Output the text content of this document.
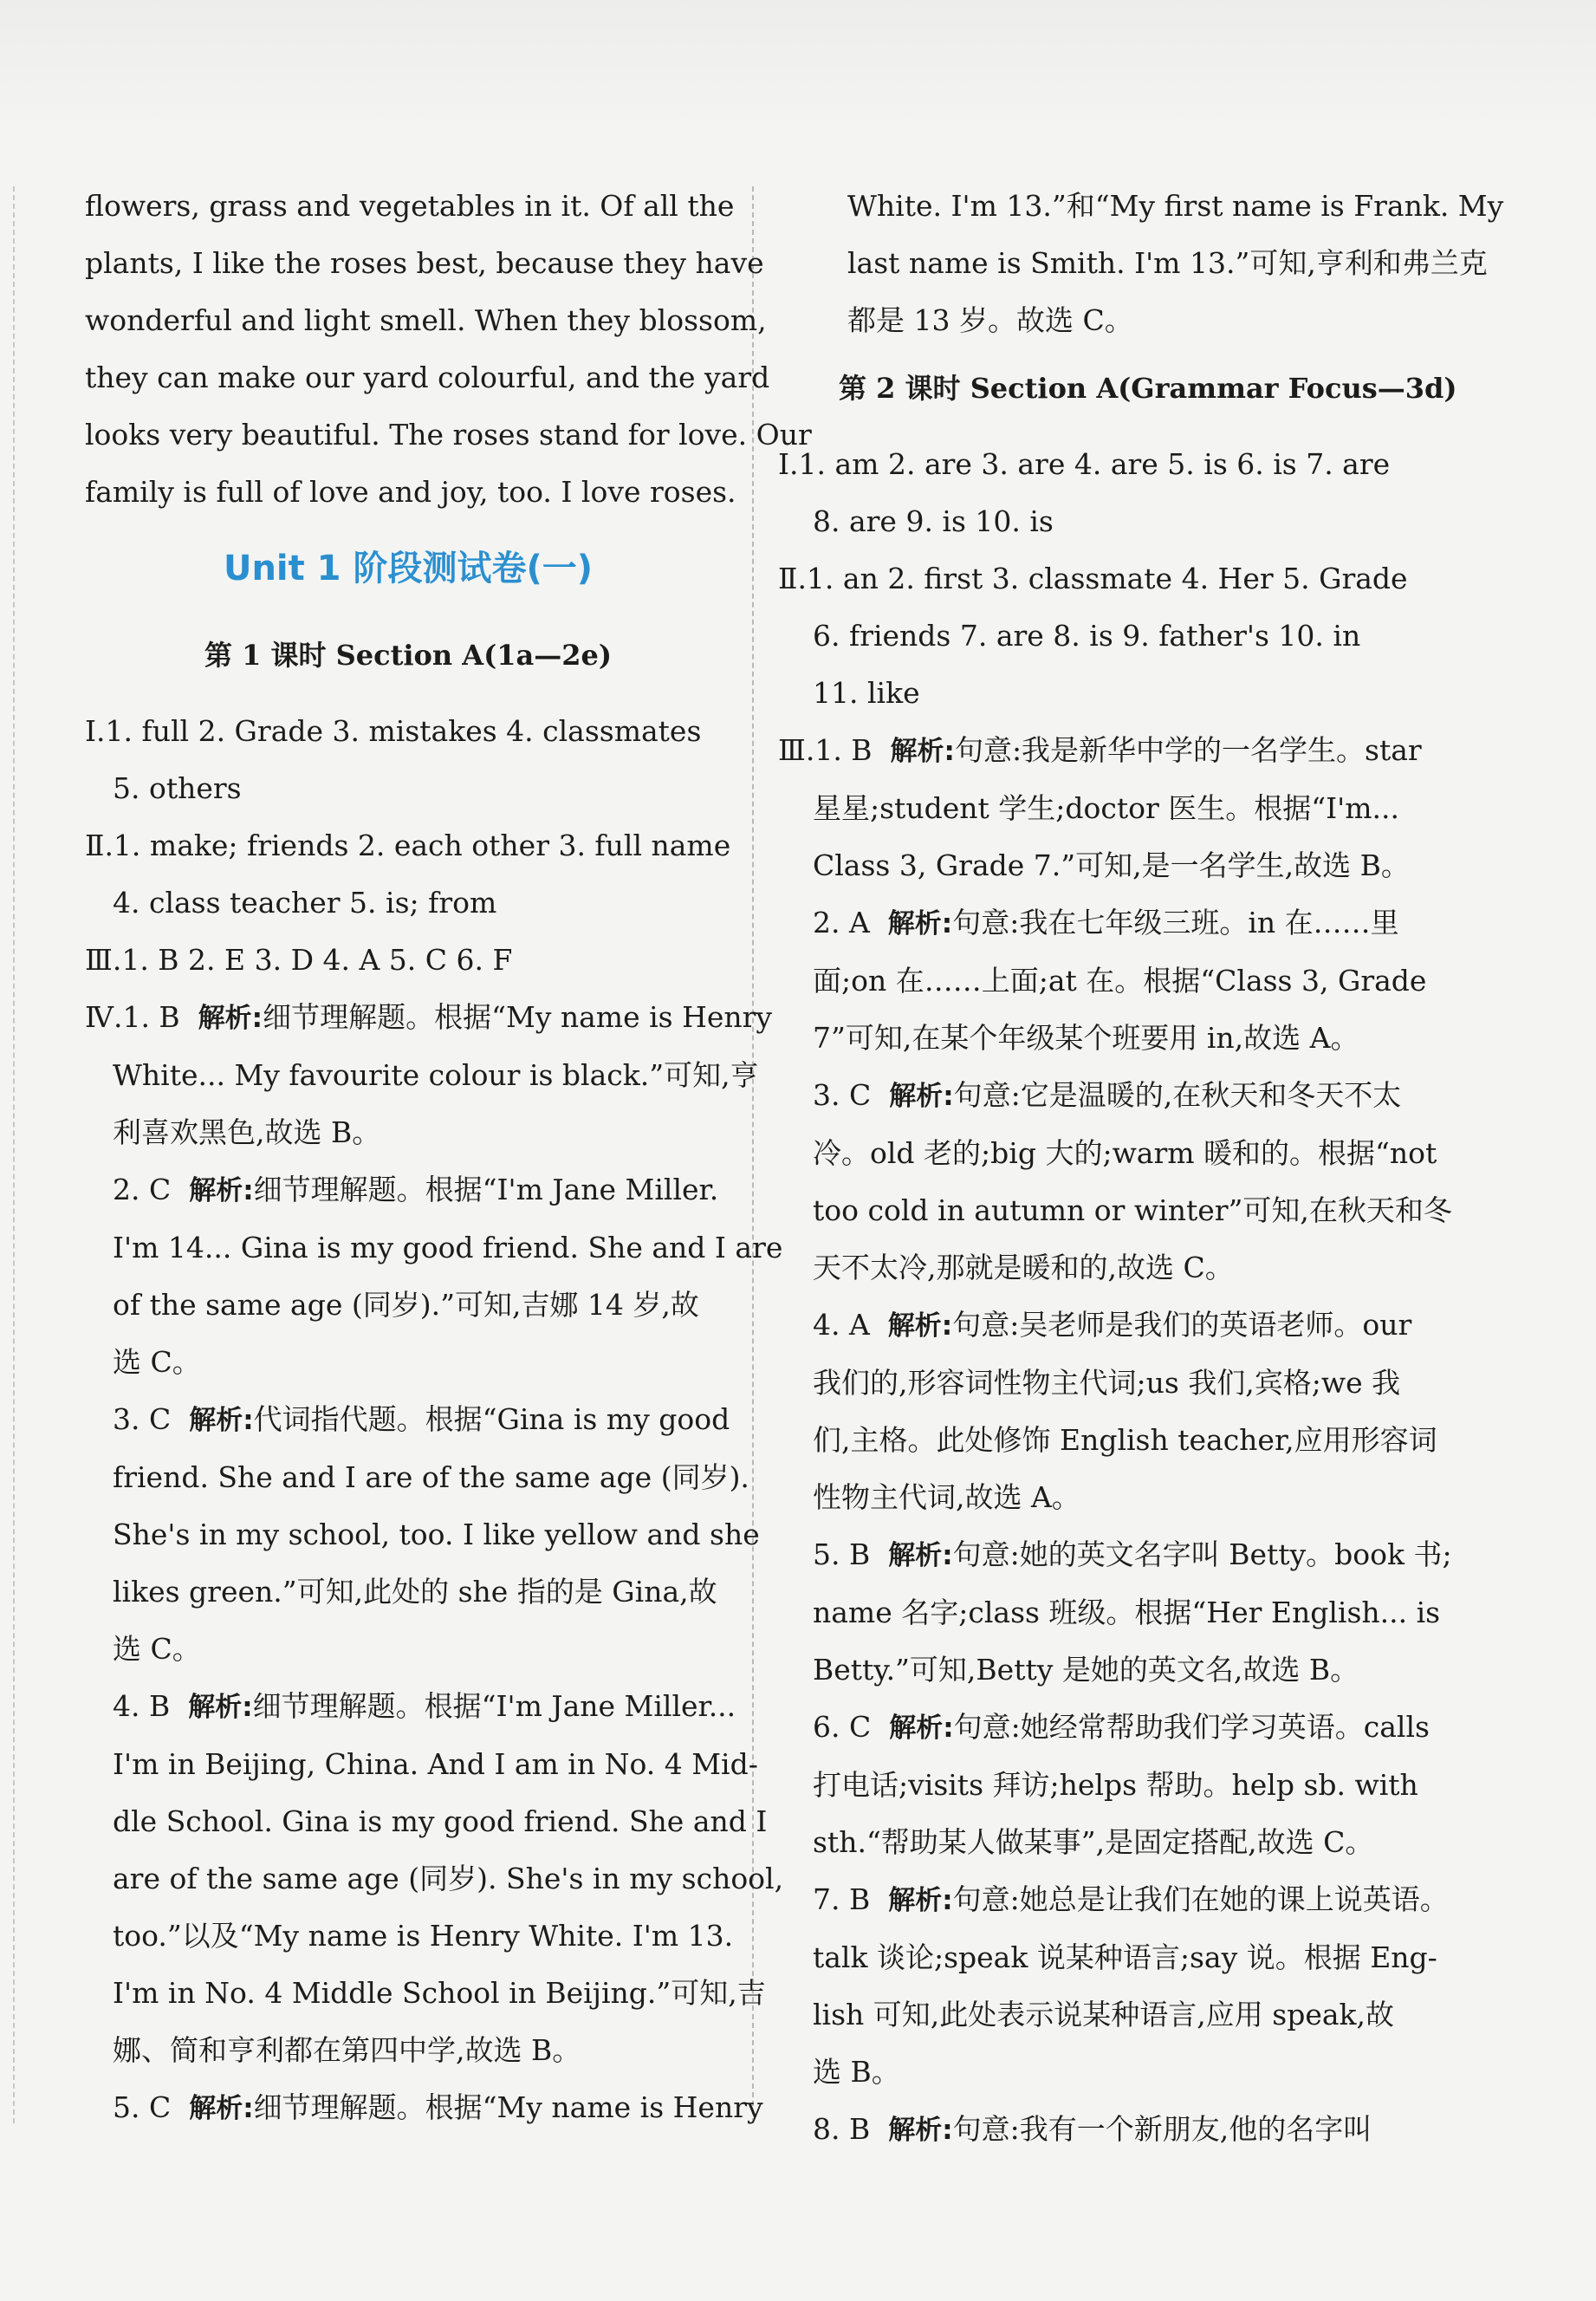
flowers, grass and vegetables in it. Of all the
plants, I like the roses best, because they have
wonderful and light smell. When they blossom,
they can make our yard colourful, and the yard
looks very beautiful. The roses stand for love. Our
family is full of love and joy, too. I love roses.
Unit 1 阶段测试卷(一)
第 1 课时 Section A(1a—2e)
Ⅰ.1. full 2. Grade 3. mistakes 4. classmates
5. others
Ⅱ.1. make; friends 2. each other 3. full name
4. class teacher 5. is; from
Ⅲ.1. B 2. E 3. D 4. A 5. C 6. F
Ⅳ.1. B 解析:细节理解题。根据“My name is Henry
White... My favourite colour is black.”可知,亨
利喜欢黑色,故选 B。
2. C 解析:细节理解题。根据“I'm Jane Miller.
I'm 14... Gina is my good friend. She and I are
of the same age (同岁).”可知,吉娜 14 岁,故
选 C。
3. C 解析:代词指代题。根据“Gina is my good
friend. She and I are of the same age (同岁).
She's in my school, too. I like yellow and she
likes green.”可知,此处的 she 指的是 Gina,故
选 C。
4. B 解析:细节理解题。根据“I'm Jane Miller...
I'm in Beijing, China. And I am in No. 4 Mid-
dle School. Gina is my good friend. She and I
are of the same age (同岁). She's in my school,
too.”以及“My name is Henry White. I'm 13.
I'm in No. 4 Middle School in Beijing.”可知,吉
娜、简和亨利都在第四中学,故选 B。
5. C 解析:细节理解题。根据“My name is Henry
White. I'm 13.”和“My first name is Frank. My
last name is Smith. I'm 13.”可知,亨利和弗兰克
都是 13 岁。故选 C。
第 2 课时 Section A(Grammar Focus—3d)
Ⅰ.1. am 2. are 3. are 4. are 5. is 6. is 7. are
8. are 9. is 10. is
Ⅱ.1. an 2. first 3. classmate 4. Her 5. Grade
6. friends 7. are 8. is 9. father's 10. in
11. like
Ⅲ.1. B 解析:句意:我是新华中学的一名学生。star
星星;student 学生;doctor 医生。根据“I'm...
Class 3, Grade 7.”可知,是一名学生,故选 B。
2. A 解析:句意:我在七年级三班。in 在……里
面;on 在……上面;at 在。根据“Class 3, Grade
7”可知,在某个年级某个班要用 in,故选 A。
3. C 解析:句意:它是温暖的,在秋天和冬天不太
冷。old 老的;big 大的;warm 暖和的。根据“not
too cold in autumn or winter”可知,在秋天和冬
天不太冷,那就是暖和的,故选 C。
4. A 解析:句意:吴老师是我们的英语老师。our
我们的,形容词性物主代词;us 我们,宾格;we 我
们,主格。此处修饰 English teacher,应用形容词
性物主代词,故选 A。
5. B 解析:句意:她的英文名字叫 Betty。book 书;
name 名字;class 班级。根据“Her English... is
Betty.”可知,Betty 是她的英文名,故选 B。
6. C 解析:句意:她经常帮助我们学习英语。calls
打电话;visits 拜访;helps 帮助。help sb. with
sth.“帮助某人做某事”,是固定搭配,故选 C。
7. B 解析:句意:她总是让我们在她的课上说英语。
talk 谈论;speak 说某种语言;say 说。根据 Eng-
lish 可知,此处表示说某种语言,应用 speak,故
选 B。
8. B 解析:句意:我有一个新朋友,他的名字叫
